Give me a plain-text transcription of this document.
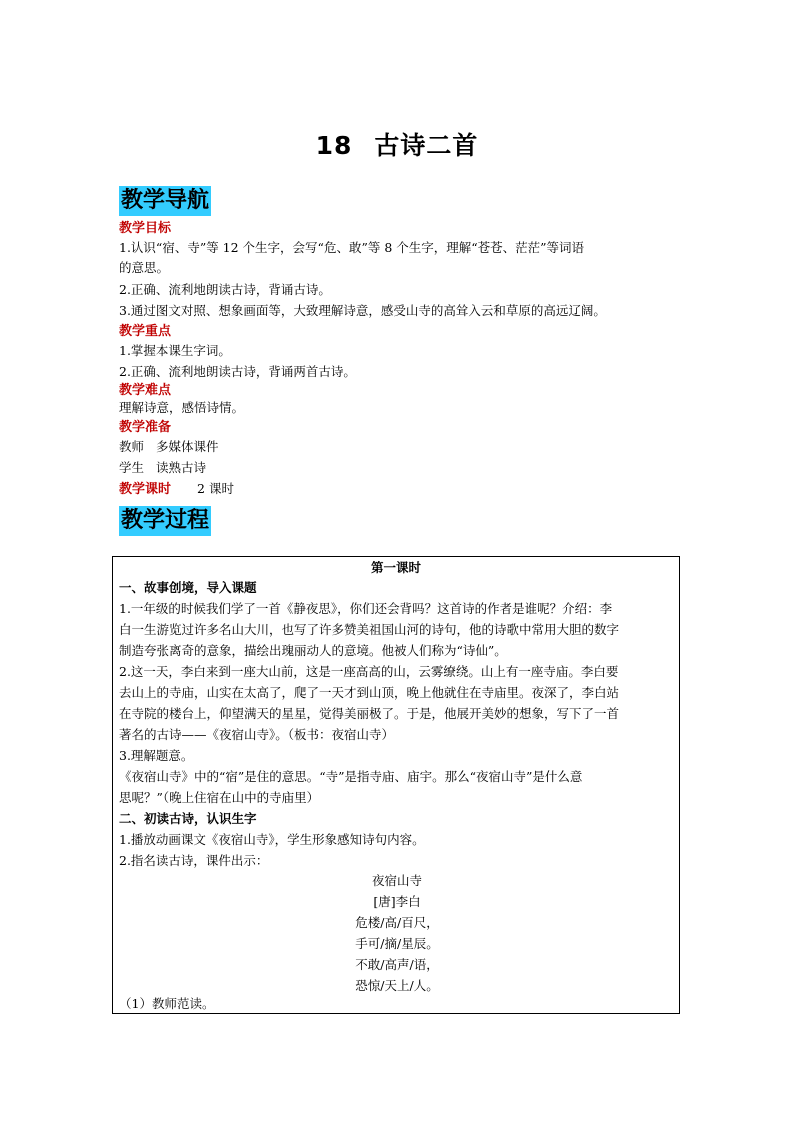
18 古诗二首
教学导航
教学目标
1.认识“宿、寺”等 12 个生字，会写“危、敢”等 8 个生字，理解“苍苍、茫茫”等词语
的意思。
2.正确、流利地朗读古诗，背诵古诗。
3.通过图文对照、想象画面等，大致理解诗意，感受山寺的高耸入云和草原的高远辽阔。
教学重点
1.掌握本课生字词。
2.正确、流利地朗读古诗，背诵两首古诗。
教学难点
理解诗意，感悟诗情。
教学准备
教师 多媒体课件
学生 读熟古诗
教学课时 2 课时
教学过程
第一课时
一、故事创境，导入课题
1.一年级的时候我们学了一首《静夜思》，你们还会背吗？这首诗的作者是谁呢？介绍：李
白一生游览过许多名山大川，也写了许多赞美祖国山河的诗句，他的诗歌中常用大胆的数字
制造夸张离奇的意象，描绘出瑰丽动人的意境。他被人们称为“诗仙”。
2.这一天，李白来到一座大山前，这是一座高高的山，云雾缭绕。山上有一座寺庙。李白要
去山上的寺庙，山实在太高了，爬了一天才到山顶，晚上他就住在寺庙里。夜深了，李白站
在寺院的楼台上，仰望满天的星星，觉得美丽极了。于是，他展开美妙的想象，写下了一首
著名的古诗——《夜宿山寺》。（板书：夜宿山寺）
3.理解题意。
《夜宿山寺》中的“宿”是住的意思。“寺”是指寺庙、庙宇。那么“夜宿山寺”是什么意
思呢？”（晚上住宿在山中的寺庙里）
二、初读古诗，认识生字
1.播放动画课文《夜宿山寺》，学生形象感知诗句内容。
2.指名读古诗，课件出示：
夜宿山寺
[唐]李白
危楼/高/百尺，
手可/摘/星辰。
不敢/高声/语，
恐惊/天上/人。
（1）教师范读。
